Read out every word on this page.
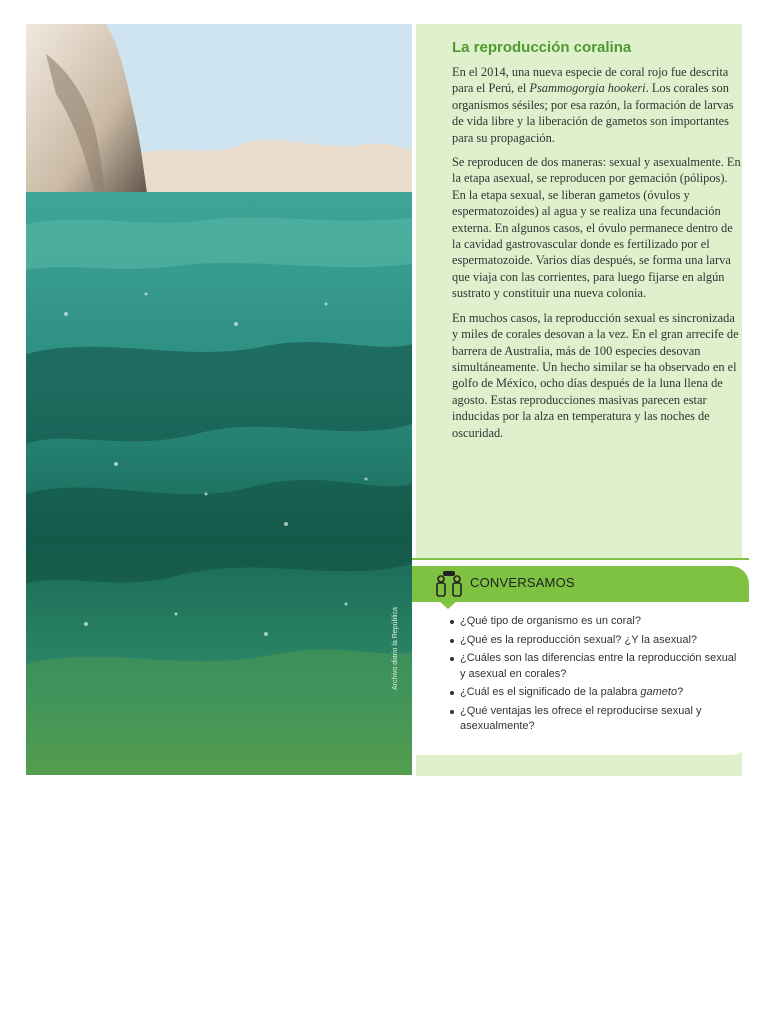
Archivo diario la República
La reproducción coralina

En el 2014, una nueva especie de coral rojo fue descrita para el Perú, el Psammogorgia hookeri. Los corales son organismos sésiles; por esa razón, la formación de larvas de vida libre y la liberación de gametos son importantes para su propagación.

Se reproducen de dos maneras: sexual y asexualmente. En la etapa asexual, se reproducen por gemación (pólipos). En la etapa sexual, se liberan gametos (óvulos y espermatozoides) al agua y se realiza una fecundación externa. En algunos casos, el óvulo permanece dentro de la cavidad gastrovascular donde es fertilizado por el espermatozoide. Varios días después, se forma una larva que viaja con las corrientes, para luego fijarse en algún sustrato y constituir una nueva colonia.

En muchos casos, la reproducción sexual es sincronizada y miles de corales desovan a la vez. En el gran arrecife de barrera de Australia, más de 100 especies desovan simultáneamente. Un hecho similar se ha observado en el golfo de México, ocho días después de la luna llena de agosto. Estas reproducciones masivas parecen estar inducidas por la alza en temperatura y las noches de oscuridad.

CONVERSAMOS
¿Qué tipo de organismo es un coral?
¿Qué es la reproducción sexual? ¿Y la asexual?
¿Cuáles son las diferencias entre la reproducción sexual y asexual en corales?
¿Cuál es el significado de la palabra gameto?
¿Qué ventajas les ofrece el reproducirse sexual y asexualmente?
